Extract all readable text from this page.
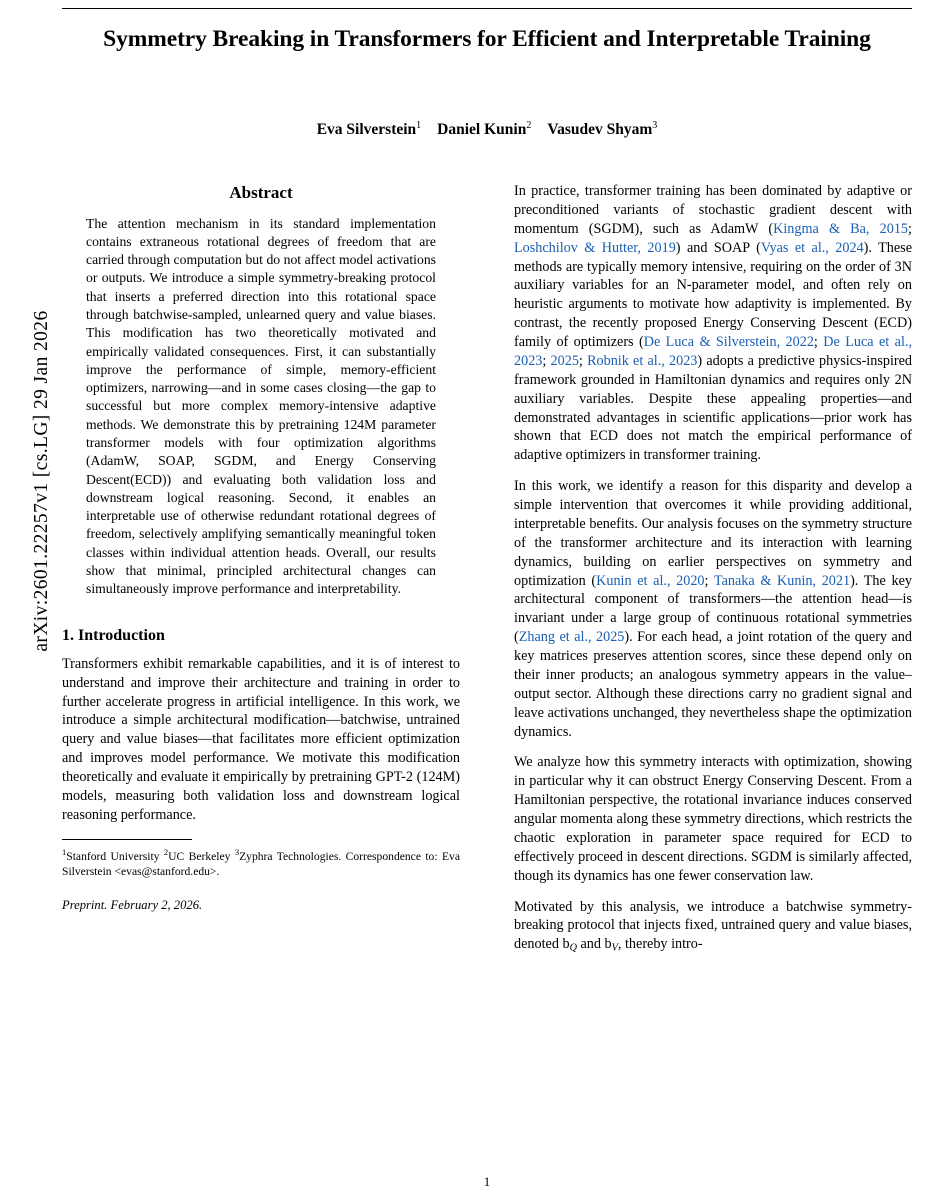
arXiv:2601.22257v1 [cs.LG] 29 Jan 2026
Symmetry Breaking in Transformers for Efficient and Interpretable Training
Eva Silverstein$^1$ Daniel Kunin$^2$ Vasudev Shyam$^3$
Abstract
The attention mechanism in its standard implementation contains extraneous rotational degrees of freedom that are carried through computation but do not affect model activations or outputs. We introduce a simple symmetry-breaking protocol that inserts a preferred direction into this rotational space through batchwise-sampled, unlearned query and value biases. This modification has two theoretically motivated and empirically validated consequences. First, it can substantially improve the performance of simple, memory-efficient optimizers, narrowing—and in some cases closing—the gap to successful but more complex memory-intensive adaptive methods. We demonstrate this by pretraining 124M parameter transformer models with four optimization algorithms (AdamW, SOAP, SGDM, and Energy Conserving Descent(ECD)) and evaluating both validation loss and downstream logical reasoning. Second, it enables an interpretable use of otherwise redundant rotational degrees of freedom, selectively amplifying semantically meaningful token classes within individual attention heads. Overall, our results show that minimal, principled architectural changes can simultaneously improve performance and interpretability.
1. Introduction

Transformers exhibit remarkable capabilities, and it is of interest to understand and improve their architecture and training in order to further accelerate progress in artificial intelligence. In this work, we introduce a simple architectural modification—batchwise, untrained query and value biases—that facilitates more efficient optimization and improves model performance. We motivate this modification theoretically and evaluate it empirically by pretraining GPT-2 (124M) models, measuring both validation loss and downstream logical reasoning performance.

$^1$Stanford University $^2$UC Berkeley $^3$Zyphra Technologies. Correspondence to: Eva Silverstein <evas@stanford.edu>.

Preprint. February 2, 2026.

In practice, transformer training has been dominated by adaptive or preconditioned variants of stochastic gradient descent with momentum (SGDM), such as AdamW (Kingma & Ba, 2015; Loshchilov & Hutter, 2019) and SOAP (Vyas et al., 2024). These methods are typically memory intensive, requiring on the order of 3N auxiliary variables for an N-parameter model, and often rely on heuristic arguments to motivate how adaptivity is implemented. By contrast, the recently proposed Energy Conserving Descent (ECD) family of optimizers (De Luca & Silverstein, 2022; De Luca et al., 2023; 2025; Robnik et al., 2023) adopts a predictive physics-inspired framework grounded in Hamiltonian dynamics and requires only 2N auxiliary variables. Despite these appealing properties—and demonstrated advantages in scientific applications—prior work has shown that ECD does not match the empirical performance of adaptive optimizers in transformer training.

In this work, we identify a reason for this disparity and develop a simple intervention that overcomes it while providing additional, interpretable benefits. Our analysis focuses on the symmetry structure of the transformer architecture and its interaction with learning dynamics, building on earlier perspectives on symmetry and optimization (Kunin et al., 2020; Tanaka & Kunin, 2021). The key architectural component of transformers—the attention head—is invariant under a large group of continuous rotational symmetries (Zhang et al., 2025). For each head, a joint rotation of the query and key matrices preserves attention scores, since these depend only on their inner products; an analogous symmetry appears in the value–output sector. Although these directions carry no gradient signal and leave activations unchanged, they nevertheless shape the optimization dynamics.

We analyze how this symmetry interacts with optimization, showing in particular why it can obstruct Energy Conserving Descent. From a Hamiltonian perspective, the rotational invariance induces conserved angular momenta along these symmetry directions, which restricts the chaotic exploration in parameter space required for ECD to effectively proceed in descent directions. SGDM is similarly affected, though its dynamics has one fewer conservation law.

Motivated by this analysis, we introduce a batchwise symmetry-breaking protocol that injects fixed, untrained query and value biases, denoted $b_Q$ and $b_V$, thereby intro-

1
